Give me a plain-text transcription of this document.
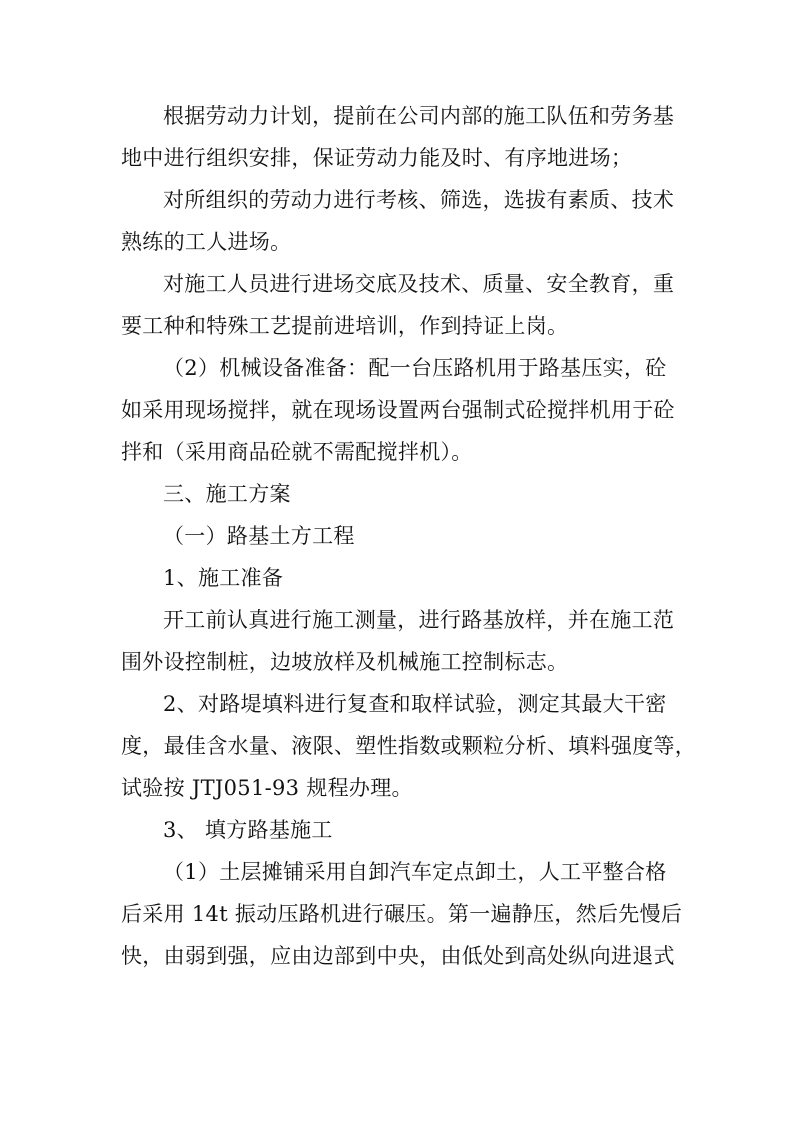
根据劳动力计划，提前在公司内部的施工队伍和劳务基
地中进行组织安排，保证劳动力能及时、有序地进场；
对所组织的劳动力进行考核、筛选，选拔有素质、技术
熟练的工人进场。
对施工人员进行进场交底及技术、质量、安全教育，重
要工种和特殊工艺提前进培训，作到持证上岗。
（2）机械设备准备：配一台压路机用于路基压实，砼
如采用现场搅拌，就在现场设置两台强制式砼搅拌机用于砼
拌和（采用商品砼就不需配搅拌机）。
三、施工方案
（一）路基土方工程
1、施工准备
开工前认真进行施工测量，进行路基放样，并在施工范
围外设控制桩，边坡放样及机械施工控制标志。
2、对路堤填料进行复查和取样试验，测定其最大干密
度，最佳含水量、液限、塑性指数或颗粒分析、填料强度等，
试验按 JTJ051-93 规程办理。
3、 填方路基施工
（1）土层摊铺采用自卸汽车定点卸土，人工平整合格
后采用 14t 振动压路机进行碾压。第一遍静压，然后先慢后
快，由弱到强，应由边部到中央，由低处到高处纵向进退式
